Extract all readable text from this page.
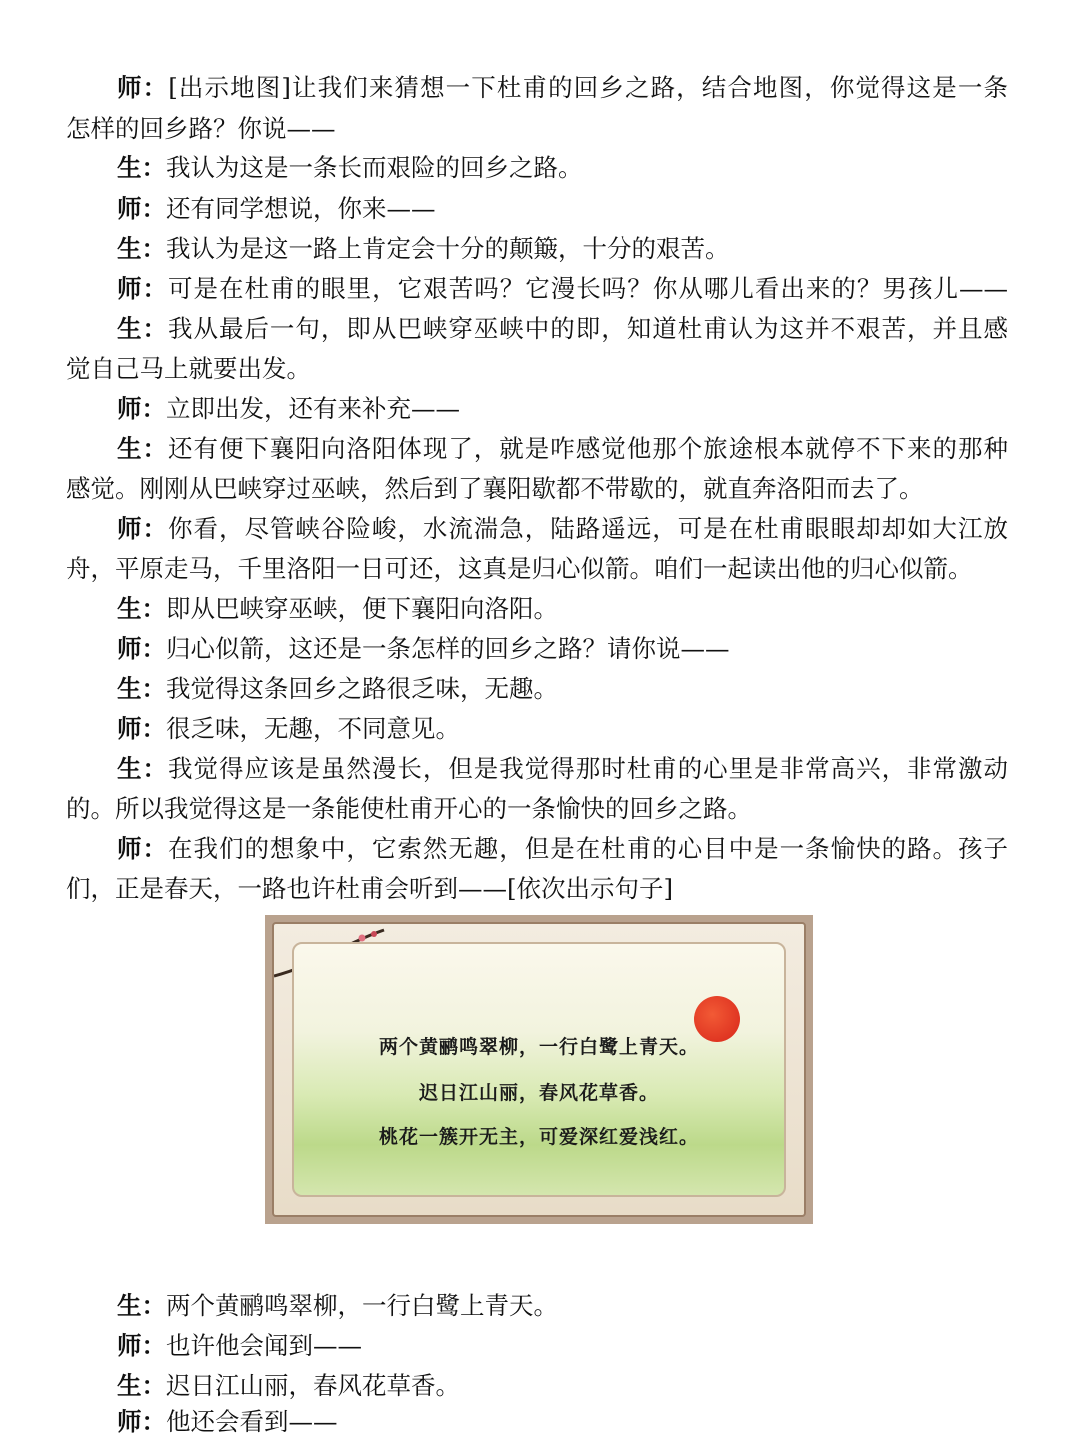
师：[出示地图]让我们来猜想一下杜甫的回乡之路，结合地图，你觉得这是一条
怎样的回乡路？你说——
生：我认为这是一条长而艰险的回乡之路。
师：还有同学想说，你来——
生：我认为是这一路上肯定会十分的颠簸，十分的艰苦。
师：可是在杜甫的眼里，它艰苦吗？它漫长吗？你从哪儿看出来的？男孩儿——
生：我从最后一句，即从巴峡穿巫峡中的即，知道杜甫认为这并不艰苦，并且感
觉自己马上就要出发。
师：立即出发，还有来补充——
生：还有便下襄阳向洛阳体现了，就是咋感觉他那个旅途根本就停不下来的那种
感觉。刚刚从巴峡穿过巫峡，然后到了襄阳歇都不带歇的，就直奔洛阳而去了。
师：你看，尽管峡谷险峻，水流湍急，陆路遥远，可是在杜甫眼眼却却如大江放
舟，平原走马，千里洛阳一日可还，这真是归心似箭。咱们一起读出他的归心似箭。
生：即从巴峡穿巫峡，便下襄阳向洛阳。
师：归心似箭，这还是一条怎样的回乡之路？请你说——
生：我觉得这条回乡之路很乏味，无趣。
师：很乏味，无趣，不同意见。
生：我觉得应该是虽然漫长，但是我觉得那时杜甫的心里是非常高兴，非常激动
的。所以我觉得这是一条能使杜甫开心的一条愉快的回乡之路。
师：在我们的想象中，它索然无趣，但是在杜甫的心目中是一条愉快的路。孩子
们，正是春天，一路也许杜甫会听到——[依次出示句子]
两个黄鹂鸣翠柳，一行白鹭上青天。
迟日江山丽，春风花草香。
桃花一簇开无主，可爱深红爱浅红。
生：两个黄鹂鸣翠柳，一行白鹭上青天。
师：也许他会闻到——
生：迟日江山丽，春风花草香。
师：他还会看到——
